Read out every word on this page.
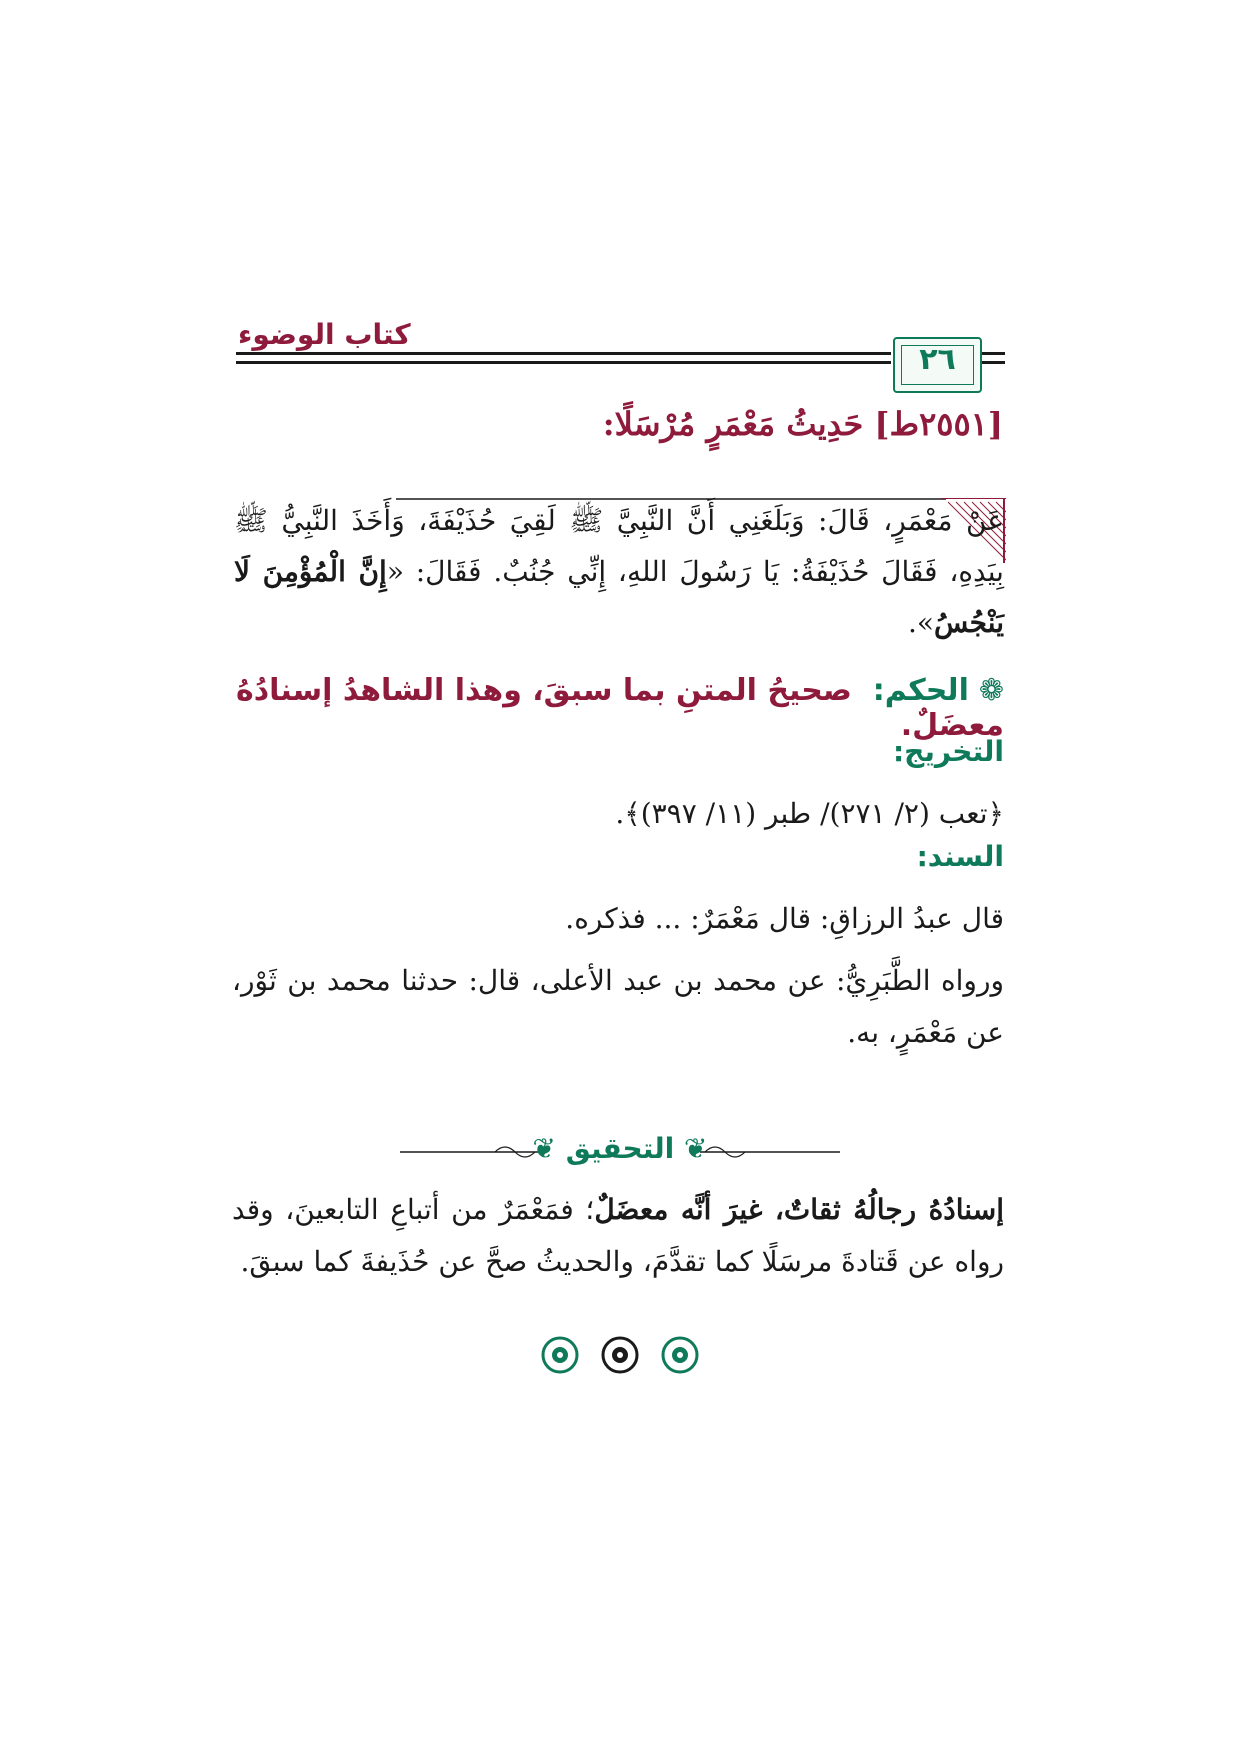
كتاب الوضوء
٢٦
[٢٥٥١ط] حَدِيثُ مَعْمَرٍ مُرْسَلًا:
عَنْ مَعْمَرٍ، قَالَ: وَبَلَغَنِي أَنَّ النَّبِيَّ ﷺ لَقِيَ حُذَيْفَةَ، وَأَخَذَ النَّبِيُّ ﷺ بِيَدِهِ، فَقَالَ حُذَيْفَةُ: يَا رَسُولَ اللهِ، إِنِّي جُنُبٌ. فَقَالَ: «إِنَّ الْمُؤْمِنَ لَا يَنْجُسُ».
❁الحكم:  صحيحُ المتنِ بما سبقَ، وهذا الشاهدُ إسنادُهُ معضَلٌ.
التخريج:
﴿تعب (٢/ ٢٧١)/ طبر (١١/ ٣٩٧)﴾.
السند:
قال عبدُ الرزاقِ: قال مَعْمَرٌ: ... فذكره.
ورواه الطَّبَرِيُّ: عن محمد بن عبد الأعلى، قال: حدثنا محمد بن ثَوْر، عن مَعْمَرٍ، به.
❦ التحقيق ❦
إسنادُهُ رجالُهُ ثقاتٌ، غيرَ أنَّه معضَلٌ؛ فمَعْمَرٌ من أتباعِ التابعينَ، وقد رواه عن قَتادةَ مرسَلًا كما تقدَّمَ، والحديثُ صحَّ عن حُذَيفةَ كما سبقَ.
